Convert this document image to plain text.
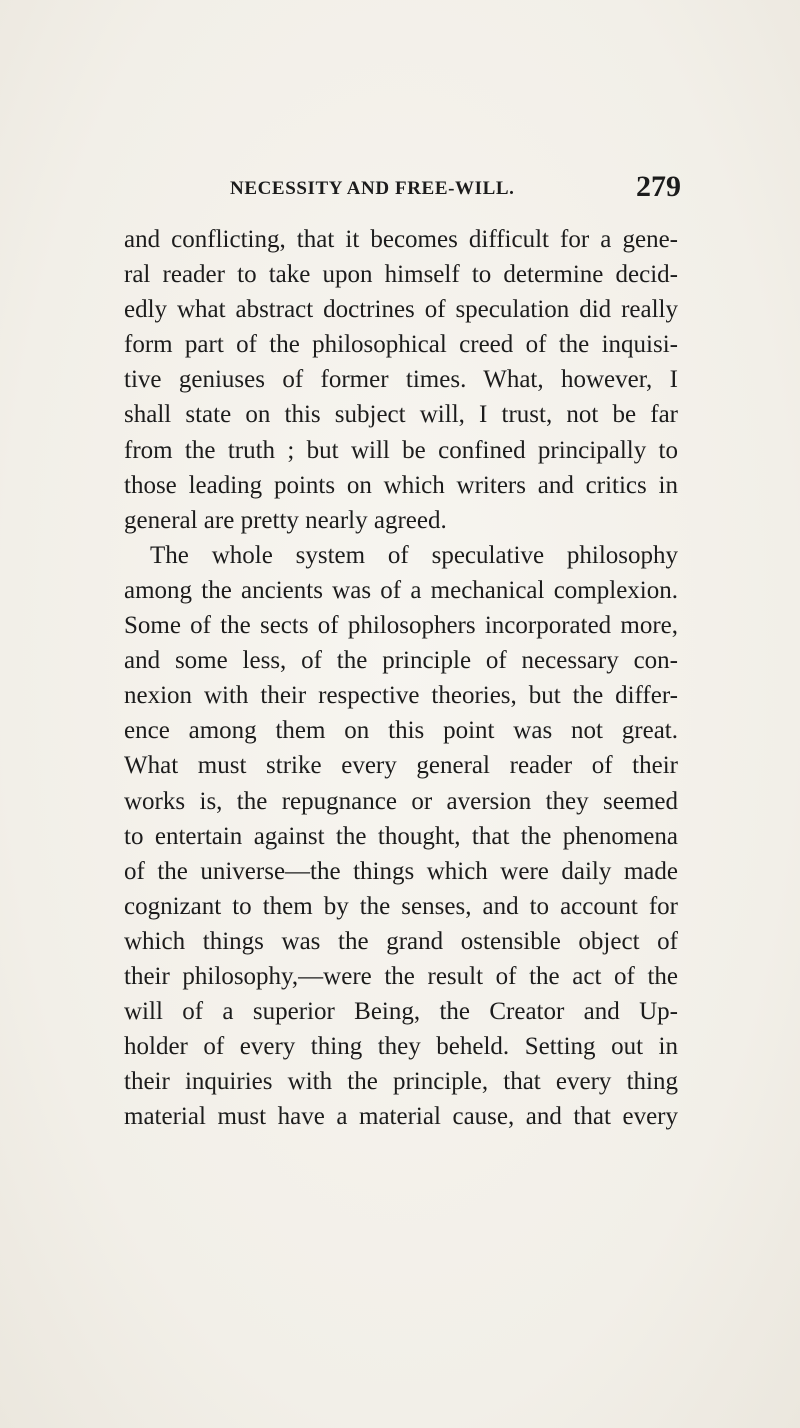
NECESSITY AND FREE-WILL.	279
and conflicting, that it becomes difficult for a gene-
ral reader to take upon himself to determine decid-
edly what abstract doctrines of speculation did really
form part of the philosophical creed of the inquisi-
tive geniuses of former times. What, however, I
shall state on this subject will, I trust, not be far
from the truth ; but will be confined principally to
those leading points on which writers and critics in
general are pretty nearly agreed.
The whole system of speculative philosophy
among the ancients was of a mechanical complexion.
Some of the sects of philosophers incorporated more,
and some less, of the principle of necessary con-
nexion with their respective theories, but the differ-
ence among them on this point was not great.
What must strike every general reader of their
works is, the repugnance or aversion they seemed
to entertain against the thought, that the phenomena
of the universe—the things which were daily made
cognizant to them by the senses, and to account for
which things was the grand ostensible object of
their philosophy,—were the result of the act of the
will of a superior Being, the Creator and Up-
holder of every thing they beheld. Setting out in
their inquiries with the principle, that every thing
material must have a material cause, and that every
